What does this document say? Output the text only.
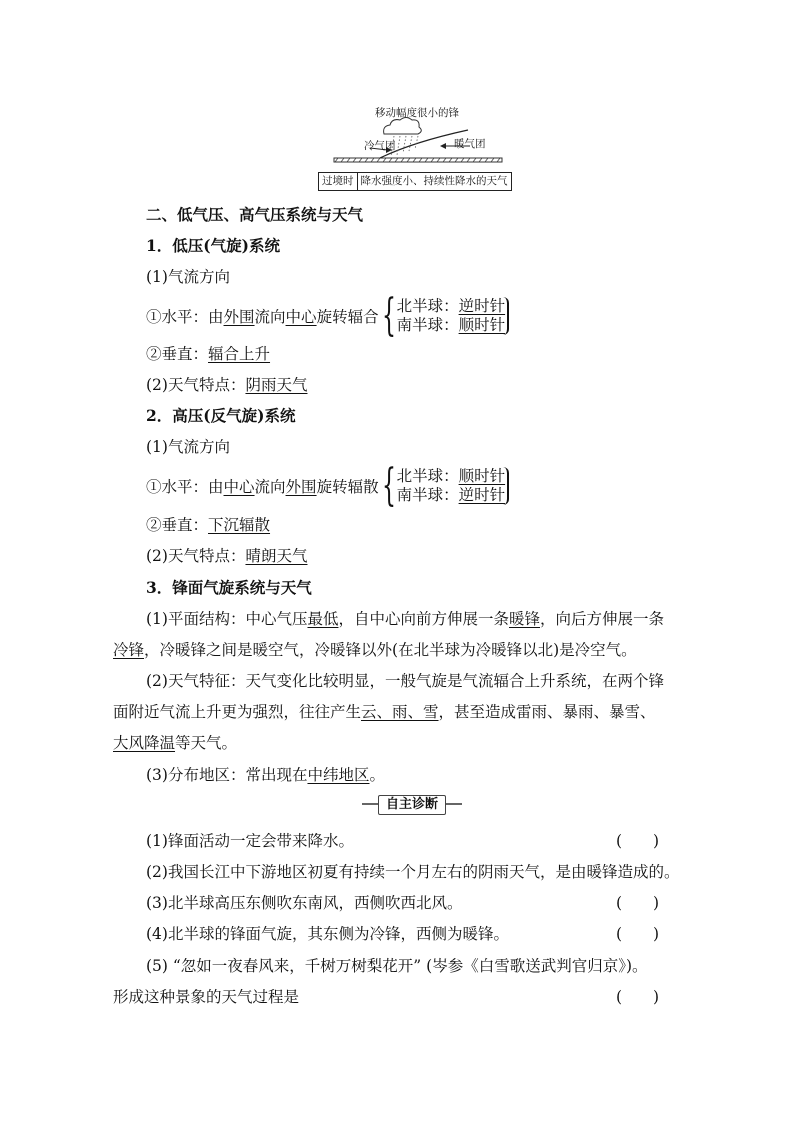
移动幅度很小的锋
冷气团	暖气团
过境时 降水强度小、持续性降水的天气
二、低气压、高气压系统与天气
1．低压(气旋)系统
(1)气流方向
①水平：由 外围 流向 中心 旋转辐合 { 北半球： 逆时针
南半球： 顺时针
②垂直：辐合上升
(2)天气特点：阴雨天气
2．高压(反气旋)系统
(1)气流方向
①水平：由 中心 流向 外围 旋转辐散 { 北半球： 顺时针
南半球： 逆时针
②垂直：下沉辐散
(2)天气特点：晴朗天气
3．锋面气旋系统与天气
(1)平面结构：中心气压最低，自中心向前方伸展一条暖锋，向后方伸展一条
冷锋，冷暖锋之间是暖空气，冷暖锋以外(在北半球为冷暖锋以北)是冷空气。
(2)天气特征：天气变化比较明显，一般气旋是气流辐合上升系统，在两个锋
面附近气流上升更为强烈，往往产生云、雨、雪，甚至造成雷雨、暴雨、暴雪、
大风降温等天气。
(3)分布地区：常出现在中纬地区。
自主诊断
(1)锋面活动一定会带来降水。	(　　)
(2)我国长江中下游地区初夏有持续一个月左右的阴雨天气，是由暖锋造成的。
(3)北半球高压东侧吹东南风，西侧吹西北风。	(　　)
(4)北半球的锋面气旋，其东侧为冷锋，西侧为暖锋。	(　　)
(5) “忽如一夜春风来，千树万树梨花开” (岑参《白雪歌送武判官归京》)。
形成这种景象的天气过程是	(　　)
